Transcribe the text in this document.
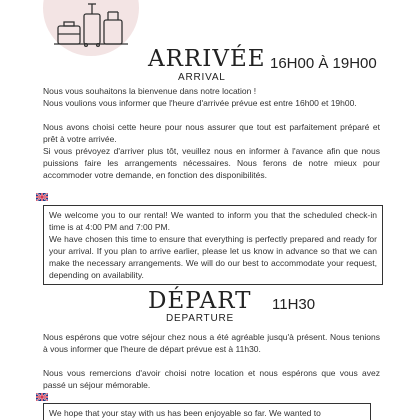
ARRIVÉE
ARRIVAL
16H00 À 19H00

Nous vous souhaitons la bienvenue dans notre location !

Nous voulions vous informer que l'heure d'arrivée prévue est entre 16h00 et 19h00.

Nous avons choisi cette heure pour nous assurer que tout est parfaitement préparé et prêt à votre arrivée.

Si vous prévoyez d'arriver plus tôt, veuillez nous en informer à l'avance afin que nous puissions faire les arrangements nécessaires. Nous ferons de notre mieux pour accommoder votre demande, en fonction des disponibilités.

We welcome you to our rental! We wanted to inform you that the scheduled check-in time is at 4:00 PM and 7:00 PM.

We have chosen this time to ensure that everything is perfectly prepared and ready for your arrival. If you plan to arrive earlier, please let us know in advance so that we can make the necessary arrangements. We will do our best to accommodate your request, depending on availability.

DÉPART
DEPARTURE
11H30

Nous espérons que votre séjour chez nous a été agréable jusqu'à présent. Nous tenions à vous informer que l'heure de départ prévue est à 11h30.

Nous vous remercions d'avoir choisi notre location et nous espérons que vous avez passé un séjour mémorable.

We hope that your stay with us has been enjoyable so far. We wanted to
